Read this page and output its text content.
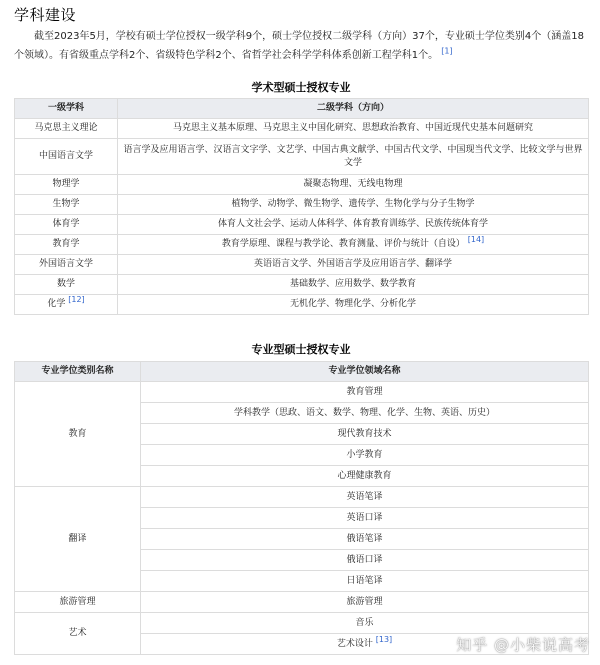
学科建设
截至2023年5月，学校有硕士学位授权一级学科9个，硕士学位授权二级学科（方向）37个，专业硕士学位类别4个（涵盖18个领域）。有省级重点学科2个、省级特色学科2个、省哲学社会科学学科体系创新工程学科1个。 [1]
学术型硕士授权专业
一级学科	二级学科（方向）
马克思主义理论	马克思主义基本原理、马克思主义中国化研究、思想政治教育、中国近现代史基本问题研究
中国语言文学	语言学及应用语言学、汉语言文字学、文艺学、中国古典文献学、中国古代文学、中国现当代文学、比较文学与世界文学
物理学	凝聚态物理、无线电物理
生物学	植物学、动物学、微生物学、遗传学、生物化学与分子生物学
体育学	体育人文社会学、运动人体科学、体育教育训练学、民族传统体育学
教育学	教育学原理、课程与教学论、教育测量、评价与统计（自设） [14]
外国语言文学	英语语言文学、外国语言学及应用语言学、翻译学
数学	基础数学、应用数学、数学教育
化学 [12]	无机化学、物理化学、分析化学
专业型硕士授权专业
专业学位类别名称	专业学位领域名称
教育	教育管理
	学科教学（思政、语文、数学、物理、化学、生物、英语、历史）
	现代教育技术
	小学教育
	心理健康教育
翻译	英语笔译
	英语口译
	俄语笔译
	俄语口译
	日语笔译
旅游管理	旅游管理
艺术	音乐
	艺术设计 [13]	知乎 @小柴说高考
